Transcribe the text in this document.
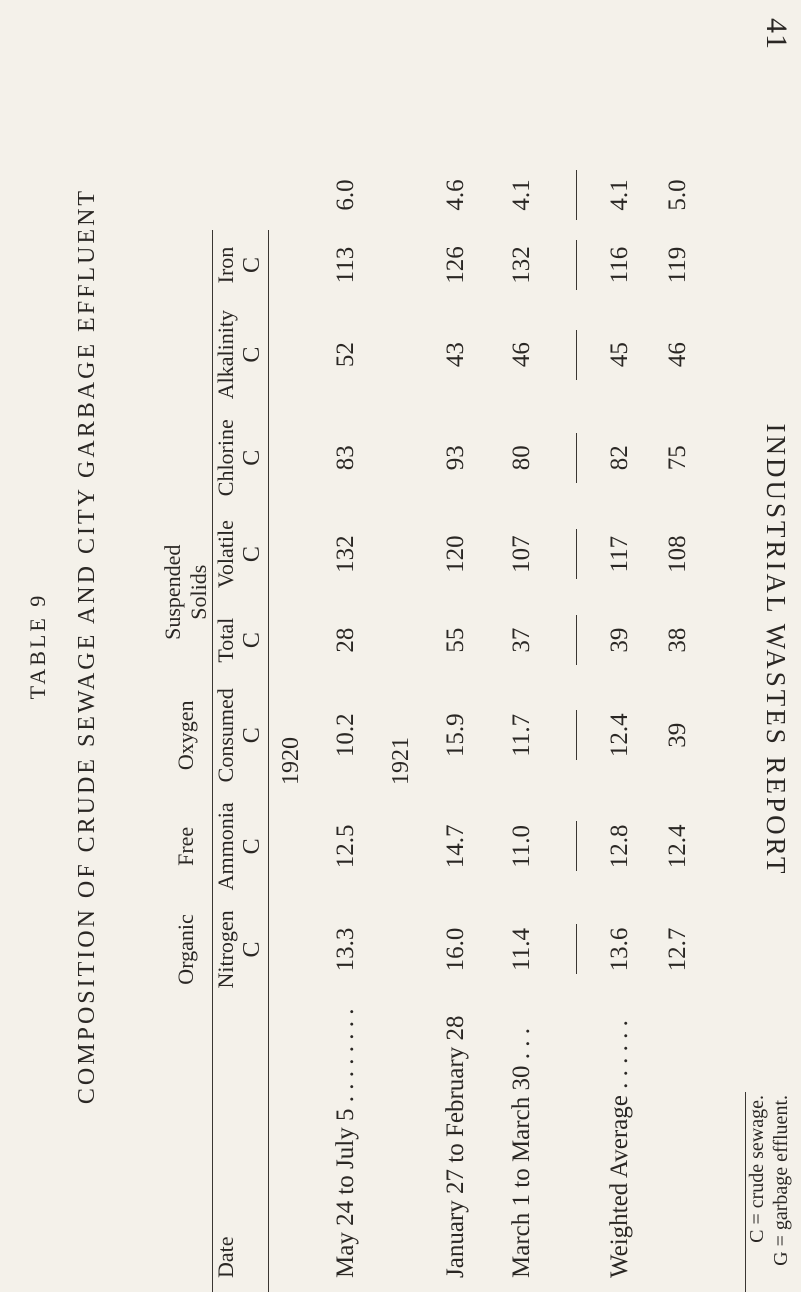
41
INDUSTRIAL WASTES REPORT
G = garbage effluent.
C = crude sewage.
	Organic	Free	Oxygen	Suspended Solids					
Date	Nitrogen	Ammonia	Consumed	Total	Volatile	Chlorine	Alkalinity	Iron	
	C	C	C	C	C	C	C	C	

1920									
May 24 to July 5 . . . . . . . .	13.3	12.5	10.2	28	132	83	52	113	6.0
1921									
January 27 to February 28	16.0	14.7	15.9	55	120	93	43	126	4.6
March 1 to March 30 . . .	11.4	11.0	11.7	37	107	80	46	132	4.1

Weighted Average . . . . . .	13.6	12.8	12.4	39	117	82	45	116	4.1
	12.7	12.4	39	38	108	75	46	119	5.0
COMPOSITION OF CRUDE SEWAGE AND CITY GARBAGE EFFLUENT
TABLE 9
